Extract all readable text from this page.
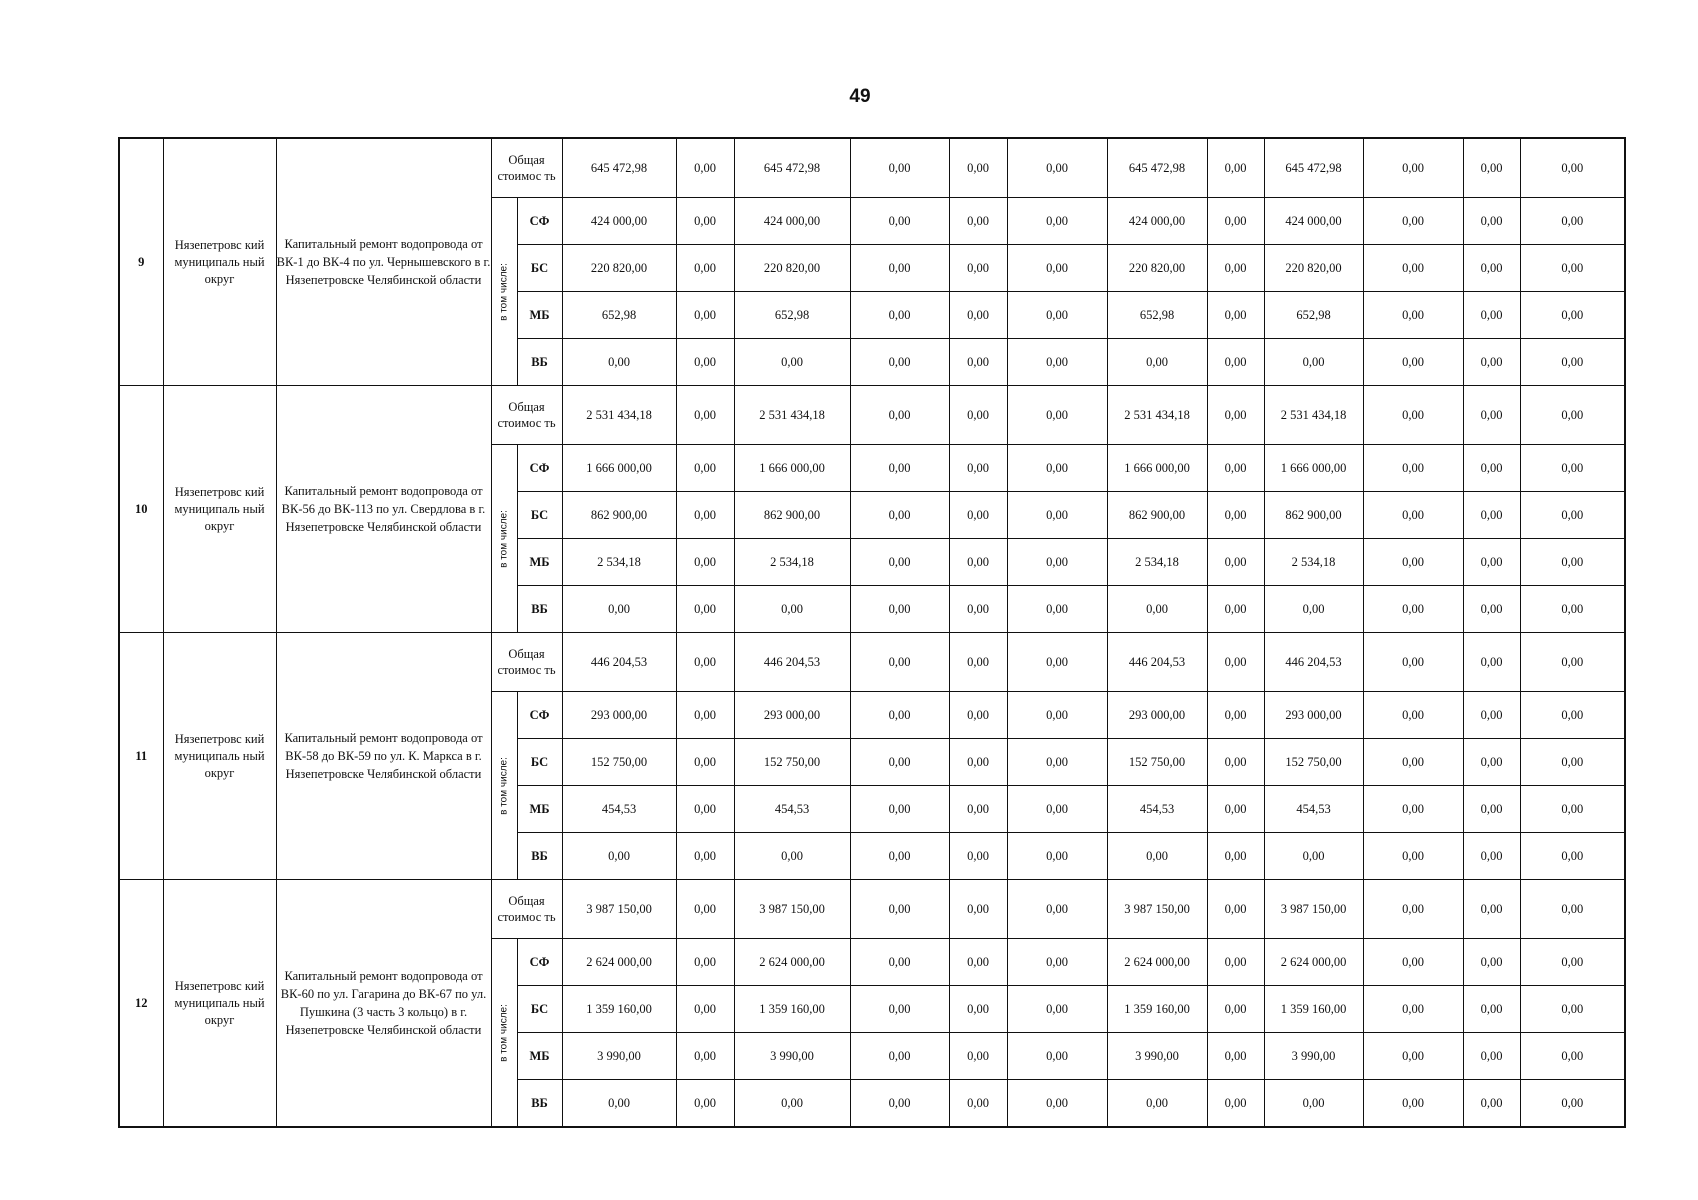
49
9	Нязепетровс кий муниципаль ный округ	Капитальный ремонт водопровода от ВК-1 до ВК-4 по ул. Чернышевского в г. Нязепетровске Челябинской области	Общая стоимос ть		645 472,98	0,00	645 472,98	0,00	0,00	0,00	645 472,98	0,00	645 472,98	0,00	0,00	0,00

			в том числе:	СФ	424 000,00	0,00	424 000,00	0,00	0,00	0,00	424 000,00	0,00	424 000,00	0,00	0,00	0,00
				БС	220 820,00	0,00	220 820,00	0,00	0,00	0,00	220 820,00	0,00	220 820,00	0,00	0,00	0,00
				МБ	652,98	0,00	652,98	0,00	0,00	0,00	652,98	0,00	652,98	0,00	0,00	0,00
				ВБ	0,00	0,00	0,00	0,00	0,00	0,00	0,00	0,00	0,00	0,00	0,00	0,00
10	Нязепетровс кий муниципаль ный округ	Капитальный ремонт водопровода от ВК-56 до ВК-113 по ул. Свердлова в г. Нязепетровске Челябинской области	Общая стоимос ть		2 531 434,18	0,00	2 531 434,18	0,00	0,00	0,00	2 531 434,18	0,00	2 531 434,18	0,00	0,00	0,00

			в том числе:	СФ	1 666 000,00	0,00	1 666 000,00	0,00	0,00	0,00	1 666 000,00	0,00	1 666 000,00	0,00	0,00	0,00
				БС	862 900,00	0,00	862 900,00	0,00	0,00	0,00	862 900,00	0,00	862 900,00	0,00	0,00	0,00
				МБ	2 534,18	0,00	2 534,18	0,00	0,00	0,00	2 534,18	0,00	2 534,18	0,00	0,00	0,00
				ВБ	0,00	0,00	0,00	0,00	0,00	0,00	0,00	0,00	0,00	0,00	0,00	0,00
11	Нязепетровс кий муниципаль ный округ	Капитальный ремонт водопровода от ВК-58 до ВК-59 по ул. К. Маркса в г. Нязепетровске Челябинской области	Общая стоимос ть		446 204,53	0,00	446 204,53	0,00	0,00	0,00	446 204,53	0,00	446 204,53	0,00	0,00	0,00

			в том числе:	СФ	293 000,00	0,00	293 000,00	0,00	0,00	0,00	293 000,00	0,00	293 000,00	0,00	0,00	0,00
				БС	152 750,00	0,00	152 750,00	0,00	0,00	0,00	152 750,00	0,00	152 750,00	0,00	0,00	0,00
				МБ	454,53	0,00	454,53	0,00	0,00	0,00	454,53	0,00	454,53	0,00	0,00	0,00
				ВБ	0,00	0,00	0,00	0,00	0,00	0,00	0,00	0,00	0,00	0,00	0,00	0,00
12	Нязепетровс кий муниципаль ный округ	Капитальный ремонт водопровода от ВК-60 по ул. Гагарина до ВК-67 по ул. Пушкина (3 часть 3 кольцо) в г. Нязепетровске Челябинской области	Общая стоимос ть		3 987 150,00	0,00	3 987 150,00	0,00	0,00	0,00	3 987 150,00	0,00	3 987 150,00	0,00	0,00	0,00

			в том числе:	СФ	2 624 000,00	0,00	2 624 000,00	0,00	0,00	0,00	2 624 000,00	0,00	2 624 000,00	0,00	0,00	0,00
				БС	1 359 160,00	0,00	1 359 160,00	0,00	0,00	0,00	1 359 160,00	0,00	1 359 160,00	0,00	0,00	0,00
				МБ	3 990,00	0,00	3 990,00	0,00	0,00	0,00	3 990,00	0,00	3 990,00	0,00	0,00	0,00
				ВБ	0,00	0,00	0,00	0,00	0,00	0,00	0,00	0,00	0,00	0,00	0,00	0,00
